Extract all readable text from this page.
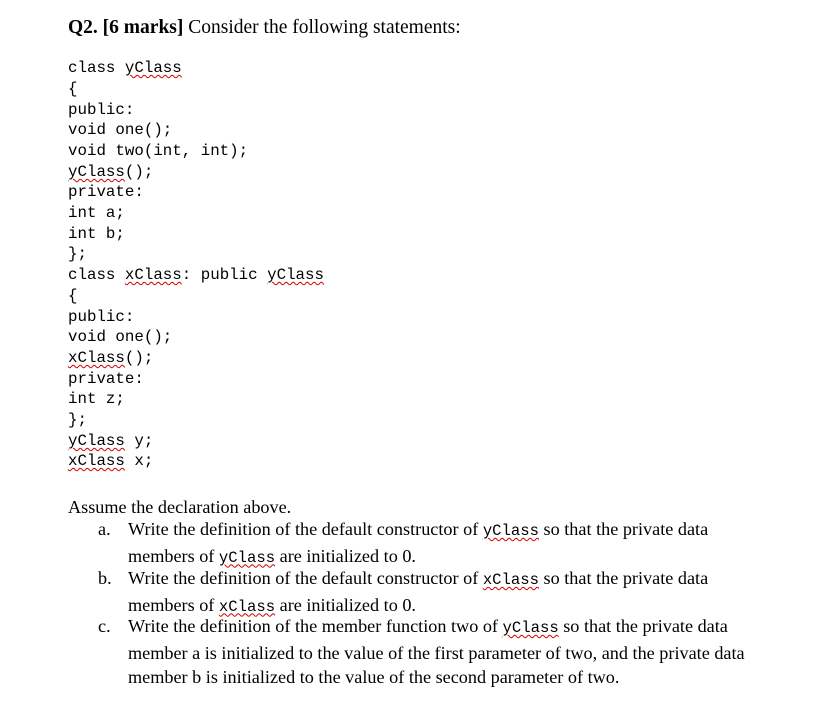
Q2. [6 marks] Consider the following statements:
class yClass
{
public:
void one();
void two(int, int);
yClass();
private:
int a;
int b;
};
class xClass: public yClass
{
public:
void one();
xClass();
private:
int z;
};
yClass y;
xClass x;
Assume the declaration above.
a. Write the definition of the default constructor of yClass so that the private data
members of yClass are initialized to 0.
b. Write the definition of the default constructor of xClass so that the private data
members of xClass are initialized to 0.
c. Write the definition of the member function two of yClass so that the private data
member a is initialized to the value of the first parameter of two, and the private data
member b is initialized to the value of the second parameter of two.
